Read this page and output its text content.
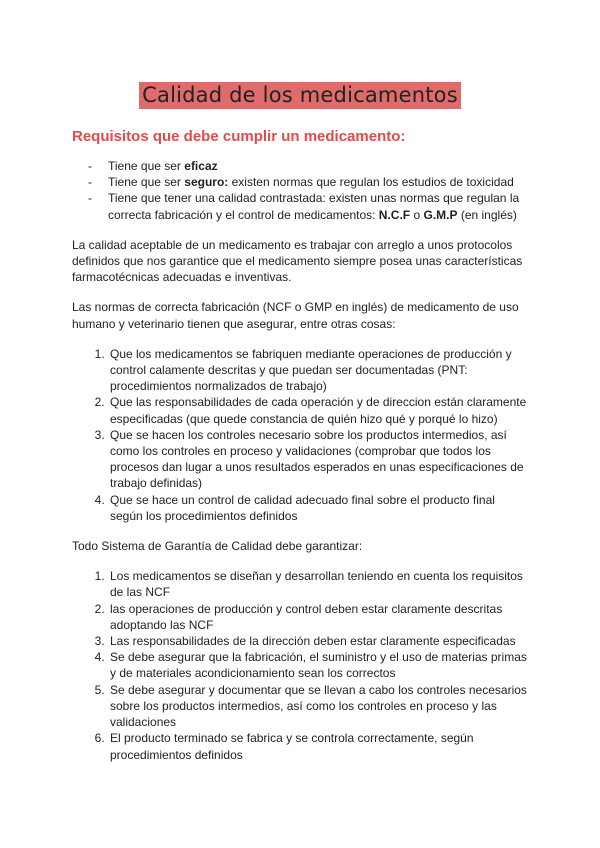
Calidad de los medicamentos
Requisitos que debe cumplir un medicamento:
- Tiene que ser eficaz
- Tiene que ser seguro: existen normas que regulan los estudios de toxicidad
- Tiene que tener una calidad contrastada: existen unas normas que regulan la correcta fabricación y el control de medicamentos: N.C.F o G.M.P (en inglés)

La calidad aceptable de un medicamento es trabajar con arreglo a unos protocolos definidos que nos garantice que el medicamento siempre posea unas características farmacotécnicas adecuadas e inventivas.

Las normas de correcta fabricación (NCF o GMP en inglés) de medicamento de uso humano y veterinario tienen que asegurar, entre otras cosas:

1. Que los medicamentos se fabriquen mediante operaciones de producción y control calamente descritas y que puedan ser documentadas (PNT: procedimientos normalizados de trabajo)
2. Que las responsabilidades de cada operación y de direccion están claramente especificadas (que quede constancia de quién hizo qué y porqué lo hizo)
3. Que se hacen los controles necesario sobre los productos intermedios, así como los controles en proceso y validaciones (comprobar que todos los procesos dan lugar a unos resultados esperados en unas especificaciones de trabajo definidas)
4. Que se hace un control de calidad adecuado final sobre el producto final según los procedimientos definidos

Todo Sistema de Garantía de Calidad debe garantizar:

1. Los medicamentos se diseñan y desarrollan teniendo en cuenta los requisitos de las NCF
2. las operaciones de producción y control deben estar claramente descritas adoptando las NCF
3. Las responsabilidades de la dirección deben estar claramente especificadas
4. Se debe asegurar que la fabricación, el suministro y el uso de materias primas y de materiales acondicionamiento sean los correctos
5. Se debe asegurar y documentar que se llevan a cabo los controles necesarios sobre los productos intermedios, así como los controles en proceso y las validaciones
6. El producto terminado se fabrica y se controla correctamente, según procedimientos definidos
